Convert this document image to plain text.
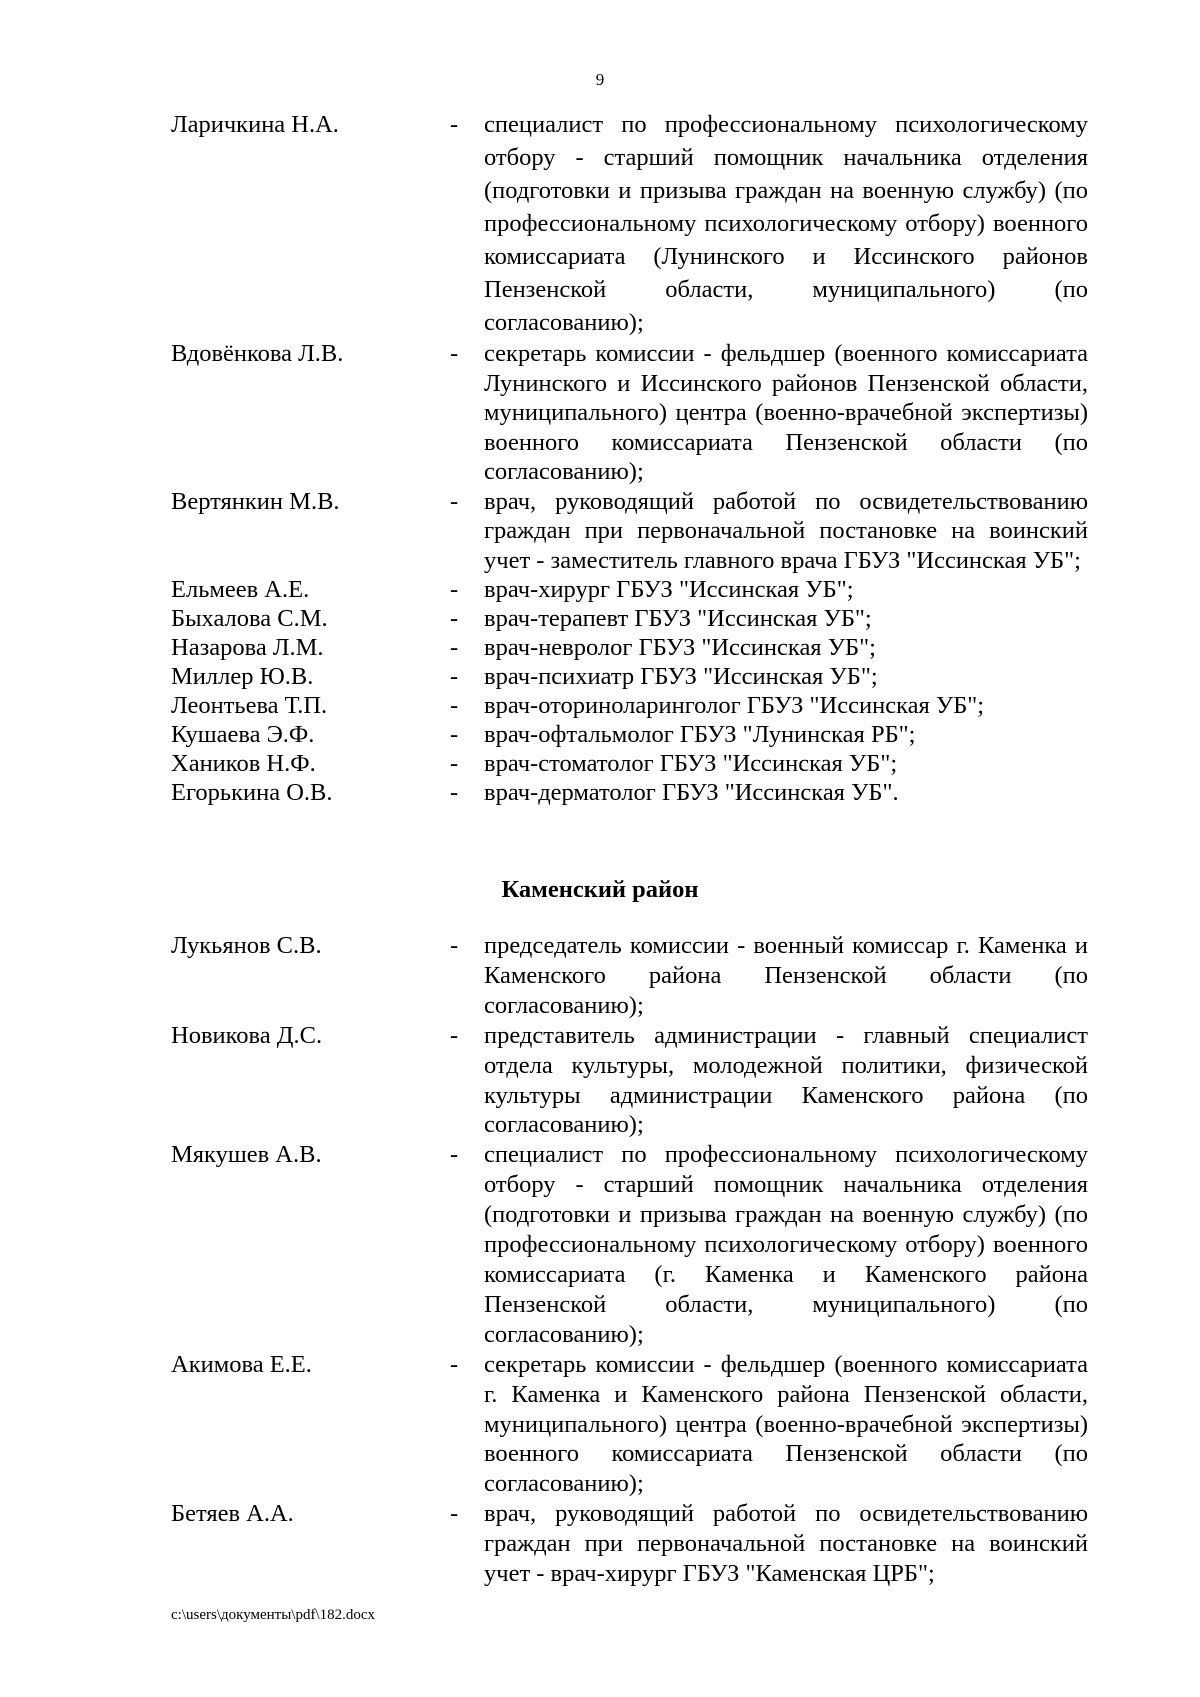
9
Ларичкина Н.А.	-	специалист по профессиональному психологическому отбору - старший помощник начальника отделения (подготовки и призыва граждан на военную службу) (по профессиональному психологическому отбору) военного комиссариата (Лунинского и Иссинского районов Пензенской области, муниципального) (по согласованию);
Вдовёнкова Л.В.	-	секретарь комиссии - фельдшер (военного комиссариата Лунинского и Иссинского районов Пензенской области, муниципального) центра (военно-врачебной экспертизы) военного комиссариата Пензенской области (по согласованию);
Вертянкин М.В.	-	врач, руководящий работой по освидетельствованию граждан при первоначальной постановке на воинский учет - заместитель главного врача ГБУЗ "Иссинская УБ";
Ельмеев А.Е.	-	врач-хирург ГБУЗ "Иссинская УБ";
Быхалова С.М.	-	врач-терапевт ГБУЗ "Иссинская УБ";
Назарова Л.М.	-	врач-невролог ГБУЗ "Иссинская УБ";
Миллер Ю.В.	-	врач-психиатр ГБУЗ "Иссинская УБ";
Леонтьева Т.П.	-	врач-оториноларинголог ГБУЗ "Иссинская УБ";
Кушаева Э.Ф.	-	врач-офтальмолог ГБУЗ "Лунинская РБ";
Хаников Н.Ф.	-	врач-стоматолог ГБУЗ "Иссинская УБ";
Егорькина О.В.	-	врач-дерматолог ГБУЗ "Иссинская УБ".
Каменский район
Лукьянов С.В.	-	председатель комиссии - военный комиссар г. Каменка и Каменского района Пензенской области (по согласованию);
Новикова Д.С.	-	представитель администрации - главный специалист отдела культуры, молодежной политики, физической культуры администрации Каменского района (по согласованию);
Мякушев А.В.	-	специалист по профессиональному психологическому отбору - старший помощник начальника отделения (подготовки и призыва граждан на военную службу) (по профессиональному психологическому отбору) военного комиссариата (г. Каменка и Каменского района Пензенской области, муниципального) (по согласованию);
Акимова Е.Е.	-	секретарь комиссии - фельдшер (военного комиссариата г. Каменка и Каменского района Пензенской области, муниципального) центра (военно-врачебной экспертизы) военного комиссариата Пензенской области (по согласованию);
Бетяев А.А.	-	врач, руководящий работой по освидетельствованию граждан при первоначальной постановке на воинский учет - врач-хирург ГБУЗ "Каменская ЦРБ";
c:\users\документы\pdf\182.docx
